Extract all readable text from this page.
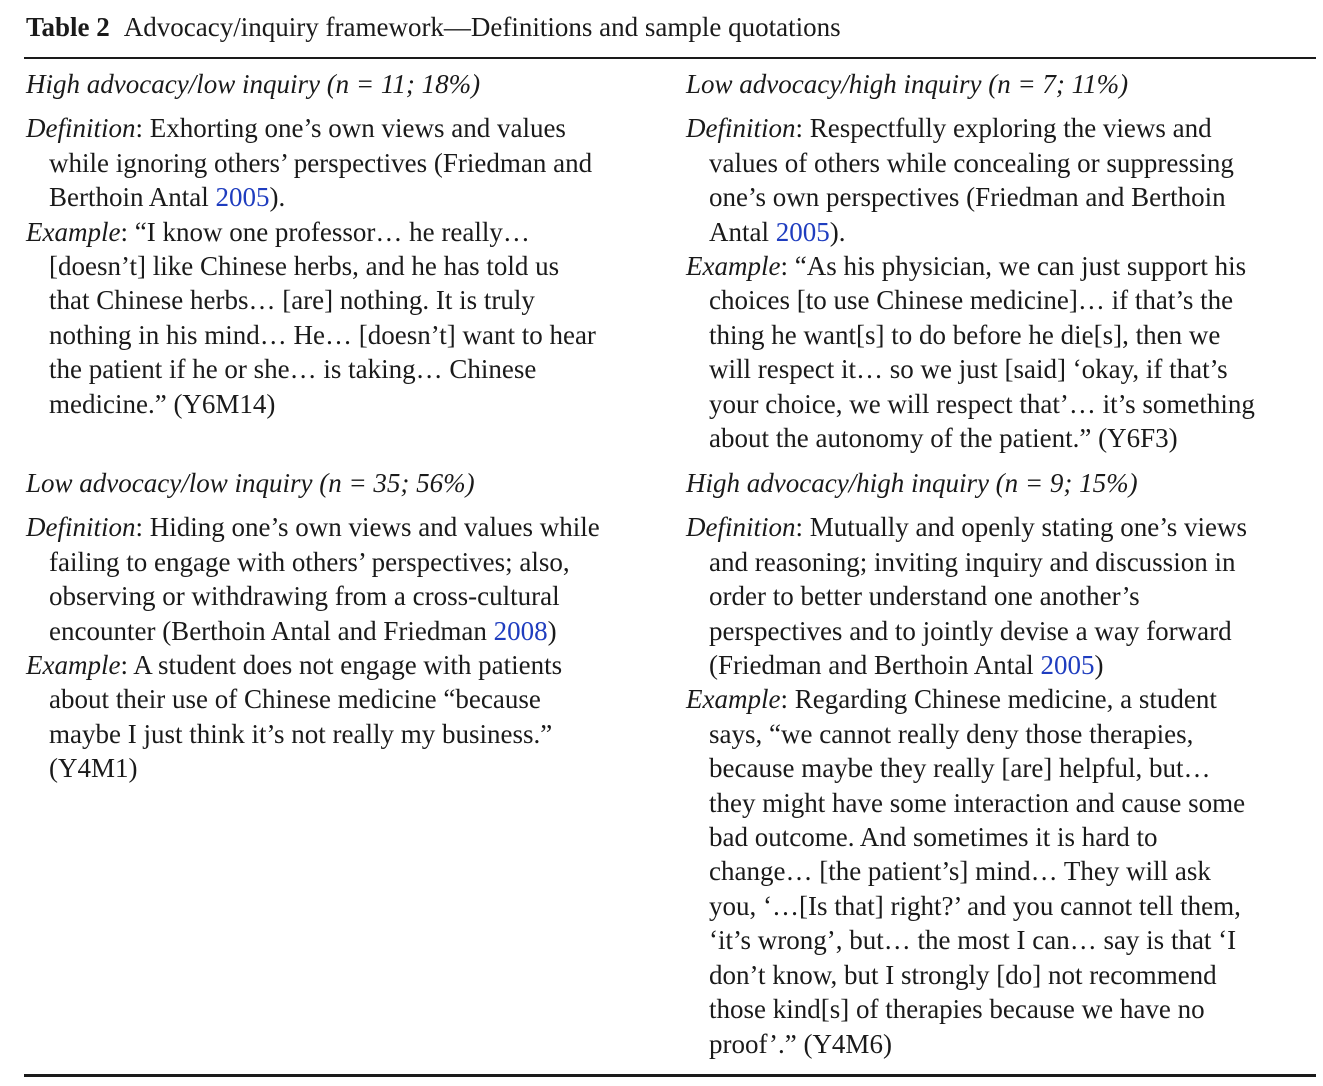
Table 2 Advocacy/inquiry framework—Definitions and sample quotations

High advocacy/low inquiry (n = 11; 18%)

Definition: Exhorting one’s own views and values
while ignoring others’ perspectives (Friedman and
Berthoin Antal 2005).
Example: “I know one professor… he really…
[doesn’t] like Chinese herbs, and he has told us
that Chinese herbs… [are] nothing. It is truly
nothing in his mind… He… [doesn’t] want to hear
the patient if he or she… is taking… Chinese
medicine.” (Y6M14)

Low advocacy/high inquiry (n = 7; 11%)

Definition: Respectfully exploring the views and
values of others while concealing or suppressing
one’s own perspectives (Friedman and Berthoin
Antal 2005).
Example: “As his physician, we can just support his
choices [to use Chinese medicine]… if that’s the
thing he want[s] to do before he die[s], then we
will respect it… so we just [said] ‘okay, if that’s
your choice, we will respect that’… it’s something
about the autonomy of the patient.” (Y6F3)

Low advocacy/low inquiry (n = 35; 56%)

Definition: Hiding one’s own views and values while
failing to engage with others’ perspectives; also,
observing or withdrawing from a cross-cultural
encounter (Berthoin Antal and Friedman 2008)
Example: A student does not engage with patients
about their use of Chinese medicine “because
maybe I just think it’s not really my business.”
(Y4M1)

High advocacy/high inquiry (n = 9; 15%)

Definition: Mutually and openly stating one’s views
and reasoning; inviting inquiry and discussion in
order to better understand one another’s
perspectives and to jointly devise a way forward
(Friedman and Berthoin Antal 2005)
Example: Regarding Chinese medicine, a student
says, “we cannot really deny those therapies,
because maybe they really [are] helpful, but…
they might have some interaction and cause some
bad outcome. And sometimes it is hard to
change… [the patient’s] mind… They will ask
you, ‘…[Is that] right?’ and you cannot tell them,
‘it’s wrong’, but… the most I can… say is that ‘I
don’t know, but I strongly [do] not recommend
those kind[s] of therapies because we have no
proof’.” (Y4M6)
